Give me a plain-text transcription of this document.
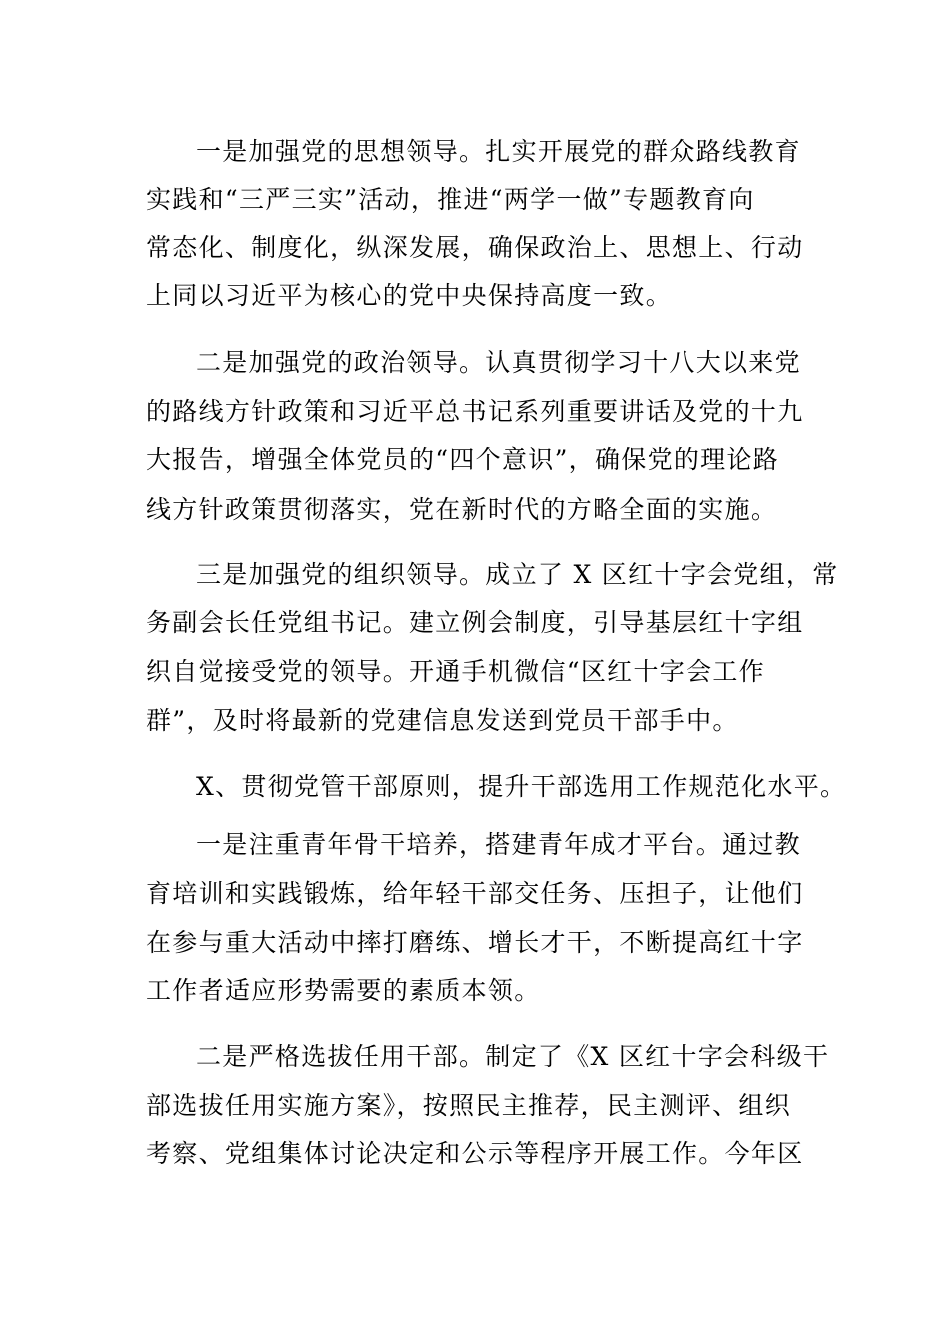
一是加强党的思想领导。扎实开展党的群众路线教育
实践和“三严三实”活动，推进“两学一做”专题教育向
常态化、制度化，纵深发展，确保政治上、思想上、行动
上同以习近平为核心的党中央保持高度一致。
二是加强党的政治领导。认真贯彻学习十八大以来党
的路线方针政策和习近平总书记系列重要讲话及党的十九
大报告，增强全体党员的“四个意识”，确保党的理论路
线方针政策贯彻落实，党在新时代的方略全面的实施。
三是加强党的组织领导。成立了 X 区红十字会党组，常
务副会长任党组书记。建立例会制度，引导基层红十字组
织自觉接受党的领导。开通手机微信“区红十字会工作
群”，及时将最新的党建信息发送到党员干部手中。
X、贯彻党管干部原则，提升干部选用工作规范化水平。
一是注重青年骨干培养，搭建青年成才平台。通过教
育培训和实践锻炼，给年轻干部交任务、压担子，让他们
在参与重大活动中摔打磨练、增长才干，不断提高红十字
工作者适应形势需要的素质本领。
二是严格选拔任用干部。制定了《X 区红十字会科级干
部选拔任用实施方案》，按照民主推荐，民主测评、组织
考察、党组集体讨论决定和公示等程序开展工作。今年区
